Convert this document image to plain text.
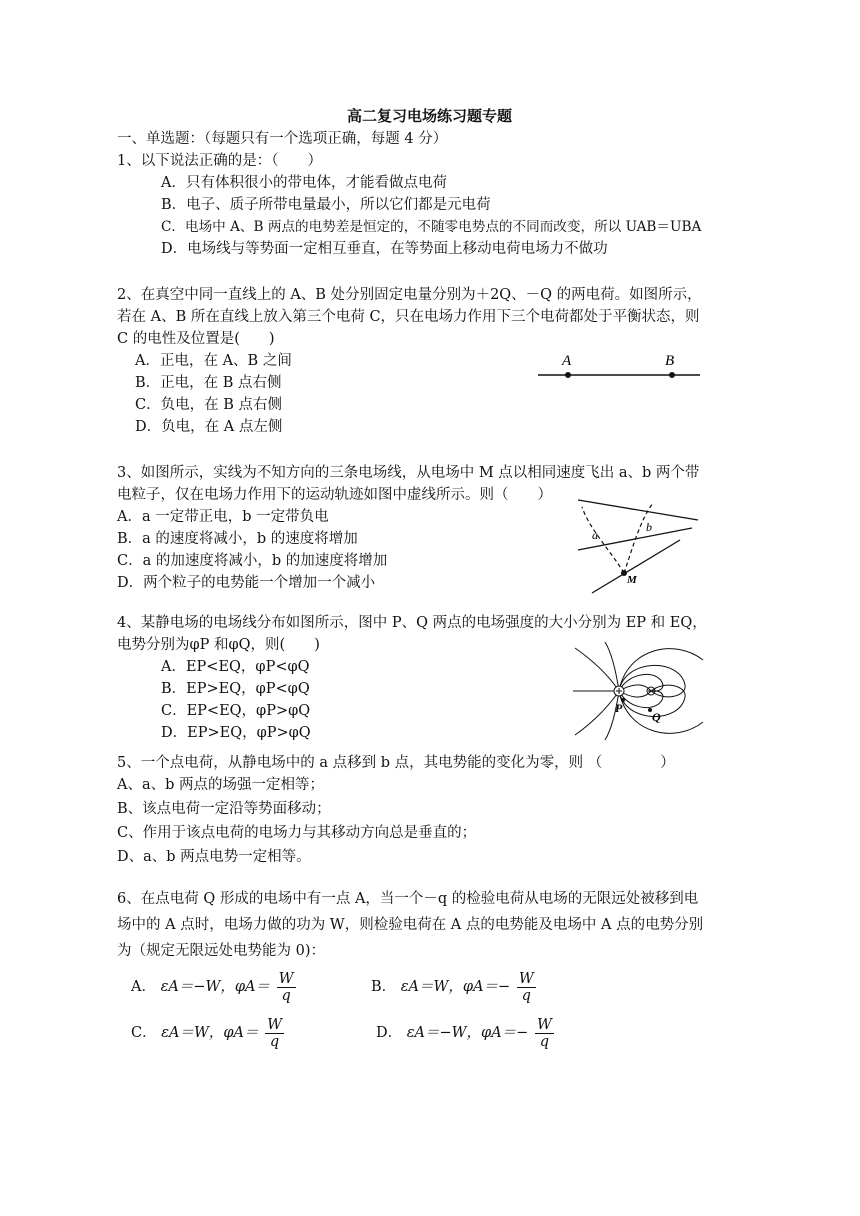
高二复习电场练习题专题
一、单选题：（每题只有一个选项正确，每题 4 分）
1、以下说法正确的是：（　　）
A．只有体积很小的带电体，才能看做点电荷
B．电子、质子所带电量最小，所以它们都是元电荷
C．电场中 A、B 两点的电势差是恒定的，不随零电势点的不同而改变，所以 UAB＝UBA
D．电场线与等势面一定相互垂直，在等势面上移动电荷电场力不做功
2、在真空中同一直线上的 A、B 处分别固定电量分别为＋2Q、－Q 的两电荷。如图所示，
若在 A、B 所在直线上放入第三个电荷 C，只在电场力作用下三个电荷都处于平衡状态，则
C 的电性及位置是(　　)
A．正电，在 A、B 之间
B．正电，在 B 点右侧
C．负电，在 B 点右侧
D．负电，在 A 点左侧
A	B
3、如图所示，实线为不知方向的三条电场线，从电场中 M 点以相同速度飞出 a、b 两个带
电粒子，仅在电场力作用下的运动轨迹如图中虚线所示。则（　　）
A．a 一定带正电，b 一定带负电
B．a 的速度将减小，b 的速度将增加
C．a 的加速度将减小，b 的加速度将增加
D．两个粒子的电势能一个增加一个减小
a
b
M
4、某静电场的电场线分布如图所示，图中 P、Q 两点的电场强度的大小分别为 EP 和 EQ，
电势分别为φP 和φQ，则(　　)
A．EP<EQ，φP<φQ
B．EP>EQ，φP<φQ
C．EP<EQ，φP>φQ
D．EP>EQ，φP>φQ
P
Q
5、一个点电荷，从静电场中的 a 点移到 b 点，其电势能的变化为零，则 （　　　　）
A、a、b 两点的场强一定相等；
B、该点电荷一定沿等势面移动；
C、作用于该点电荷的电场力与其移动方向总是垂直的；
D、a、b 两点电势一定相等。
6、在点电荷 Q 形成的电场中有一点 A，当一个－q 的检验电荷从电场的无限远处被移到电
场中的 A 点时，电场力做的功为 W，则检验电荷在 A 点的电势能及电场中 A 点的电势分别
为（规定无限远处电势能为 0)：
A． εA＝−W，$\varphi A= \frac{W}{q}$	B． εA＝W，$\varphi A=- \frac{W}{q}$
C． εA＝W，$\varphi A= \frac{W}{q}$	D． εA＝−W，$\varphi A=- \frac{W}{q}$
